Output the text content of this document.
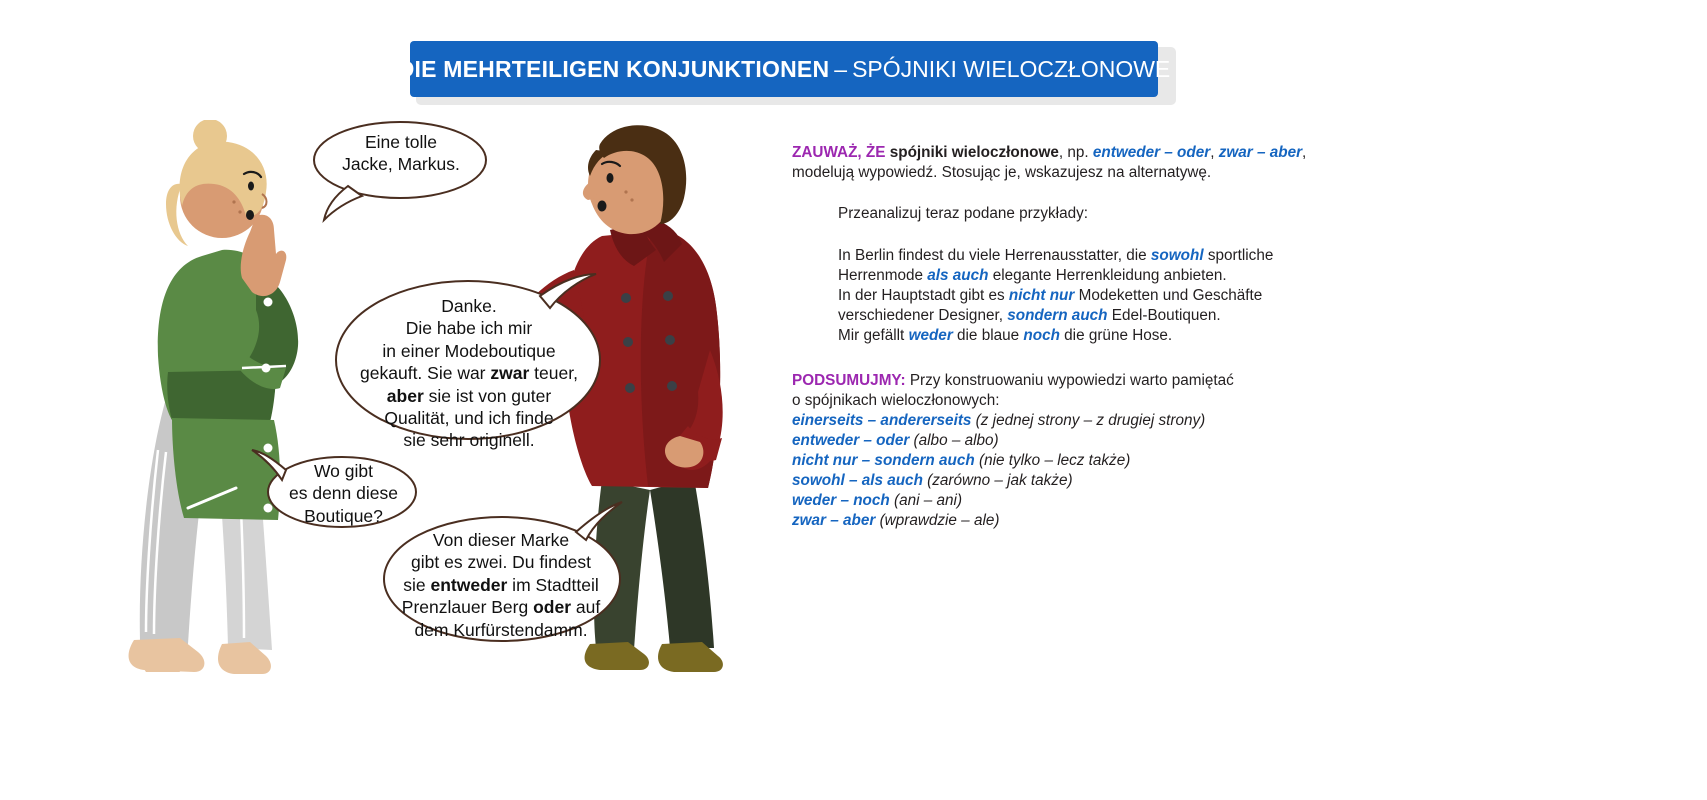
DIE MEHRTEILIGEN KONJUNKTIONEN – SPÓJNIKI WIELOCZŁONOWE
Eine tolle
Jacke, Markus.
Danke.
Die habe ich mir
in einer Modeboutique
gekauft. Sie war zwar teuer,
aber sie ist von guter
Qualität, und ich finde
sie sehr originell.
Wo gibt
es denn diese
Boutique?
Von dieser Marke
gibt es zwei. Du findest
sie entweder im Stadtteil
Prenzlauer Berg oder auf
dem Kurfürstendamm.

ZAUWAŻ, ŻE spójniki wieloczłonowe, np. entweder – oder, zwar – aber,
modelują wypowiedź. Stosując je, wskazujesz na alternatywę.

Przeanalizuj teraz podane przykłady:

In Berlin findest du viele Herrenausstatter, die sowohl sportliche
Herrenmode als auch elegante Herrenkleidung anbieten.
In der Hauptstadt gibt es nicht nur Modeketten und Geschäfte
verschiedener Designer, sondern auch Edel-Boutiquen.
Mir gefällt weder die blaue noch die grüne Hose.
PODSUMUJMY: Przy konstruowaniu wypowiedzi warto pamiętać
o spójnikach wieloczłonowych:
einerseits – andererseits (z jednej strony – z drugiej strony)
entweder – oder (albo – albo)
nicht nur – sondern auch (nie tylko – lecz także)
sowohl – als auch (zarówno – jak także)
weder – noch (ani – ani)
zwar – aber (wprawdzie – ale)
